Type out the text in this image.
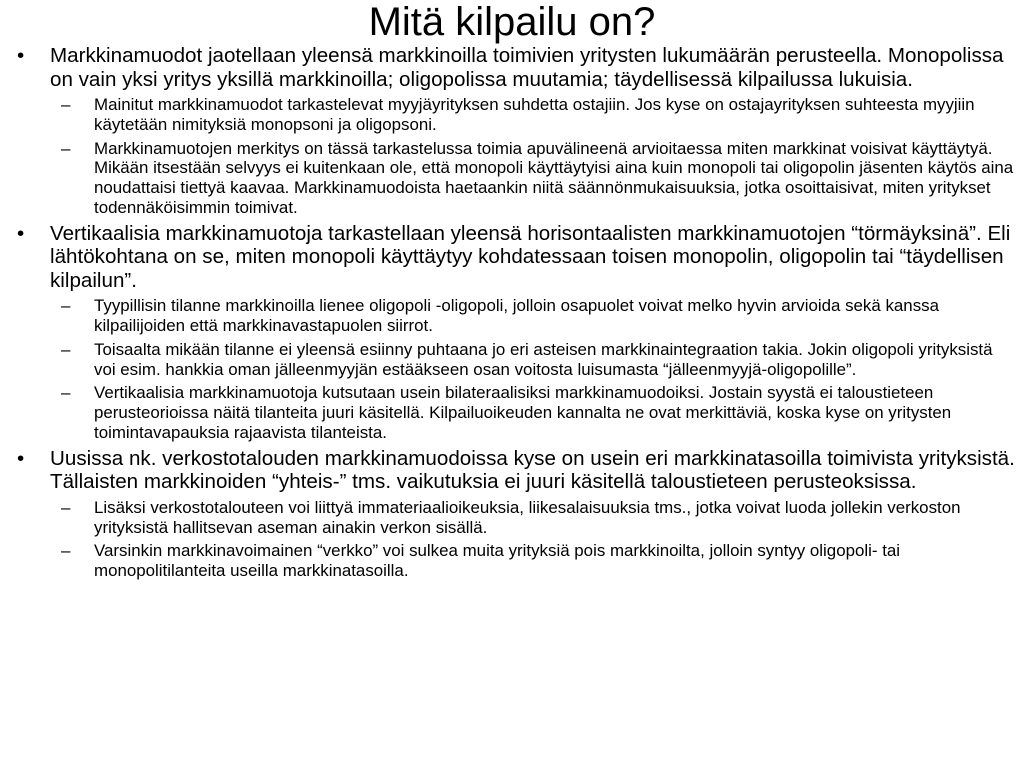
Mitä kilpailu on?
• Markkinamuodot jaotellaan yleensä markkinoilla toimivien yritysten lukumäärän perusteella. Monopolissa on vain yksi yritys yksillä markkinoilla; oligopolissa muutamia; täydellisessä kilpailussa lukuisia.
– Mainitut markkinamuodot tarkastelevat myyjäyrityksen suhdetta ostajiin. Jos kyse on ostajayrityksen suhteesta myyjiin käytetään nimityksiä monopsoni ja oligopsoni.
– Markkinamuotojen merkitys on tässä tarkastelussa toimia apuvälineenä arvioitaessa miten markkinat voisivat käyttäytyä. Mikään itsestään selvyys ei kuitenkaan ole, että monopoli käyttäytyisi aina kuin monopoli tai oligopolin jäsenten käytös aina noudattaisi tiettyä kaavaa. Markkinamuodoista haetaankin niitä säännönmukaisuuksia, jotka osoittaisivat, miten yritykset todennäköisimmin toimivat.
• Vertikaalisia markkinamuotoja tarkastellaan yleensä horisontaalisten markkinamuotojen “törmäyksinä”. Eli lähtökohtana on se, miten monopoli käyttäytyy kohdatessaan toisen monopolin, oligopolin tai “täydellisen kilpailun”.
– Tyypillisin tilanne markkinoilla lienee oligopoli -oligopoli, jolloin osapuolet voivat melko hyvin arvioida sekä kanssa kilpailijoiden että markkinavastapuolen siirrot.
– Toisaalta mikään tilanne ei yleensä esiinny puhtaana jo eri asteisen markkinaintegraation takia. Jokin oligopoli yrityksistä voi esim. hankkia oman jälleenmyyjän estääkseen osan voitosta luisumasta “jälleenmyyjä-oligopolille”.
– Vertikaalisia markkinamuotoja kutsutaan usein bilateraalisiksi markkinamuodoiksi. Jostain syystä ei taloustieteen perusteorioissa näitä tilanteita juuri käsitellä. Kilpailuoikeuden kannalta ne ovat merkittäviä, koska kyse on yritysten toimintavapauksia rajaavista tilanteista.
• Uusissa nk. verkostotalouden markkinamuodoissa kyse on usein eri markkinatasoilla toimivista yrityksistä. Tällaisten markkinoiden “yhteis-” tms. vaikutuksia ei juuri käsitellä taloustieteen perusteoksissa.
– Lisäksi verkostotalouteen voi liittyä immateriaalioikeuksia, liikesalaisuuksia tms., jotka voivat luoda jollekin verkoston yrityksistä hallitsevan aseman ainakin verkon sisällä.
– Varsinkin markkinavoimainen “verkko” voi sulkea muita yrityksiä pois markkinoilta, jolloin syntyy oligopoli- tai monopolitilanteita useilla markkinatasoilla.
